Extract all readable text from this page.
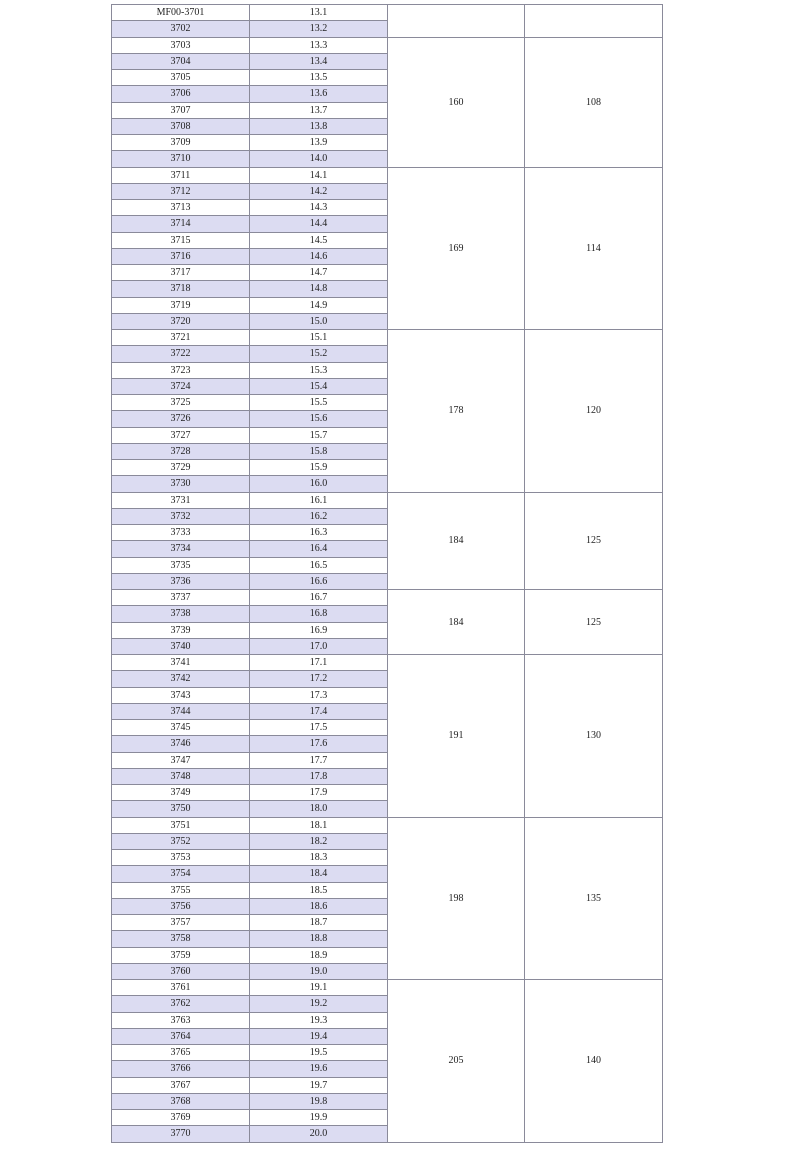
MF00-3701	13.1		
3702	13.2		
3703	13.3	160	108
3704	13.4		
3705	13.5		
3706	13.6		
3707	13.7		
3708	13.8		
3709	13.9		
3710	14.0		
3711	14.1	169	114
3712	14.2		
3713	14.3		
3714	14.4		
3715	14.5		
3716	14.6		
3717	14.7		
3718	14.8		
3719	14.9		
3720	15.0		
3721	15.1	178	120
3722	15.2		
3723	15.3		
3724	15.4		
3725	15.5		
3726	15.6		
3727	15.7		
3728	15.8		
3729	15.9		
3730	16.0		
3731	16.1	184	125
3732	16.2		
3733	16.3		
3734	16.4		
3735	16.5		
3736	16.6		
3737	16.7	184	125
3738	16.8		
3739	16.9		
3740	17.0		
3741	17.1	191	130
3742	17.2		
3743	17.3		
3744	17.4		
3745	17.5		
3746	17.6		
3747	17.7		
3748	17.8		
3749	17.9		
3750	18.0		
3751	18.1	198	135
3752	18.2		
3753	18.3		
3754	18.4		
3755	18.5		
3756	18.6		
3757	18.7		
3758	18.8		
3759	18.9		
3760	19.0		
3761	19.1	205	140
3762	19.2		
3763	19.3		
3764	19.4		
3765	19.5		
3766	19.6		
3767	19.7		
3768	19.8		
3769	19.9		
3770	20.0		
